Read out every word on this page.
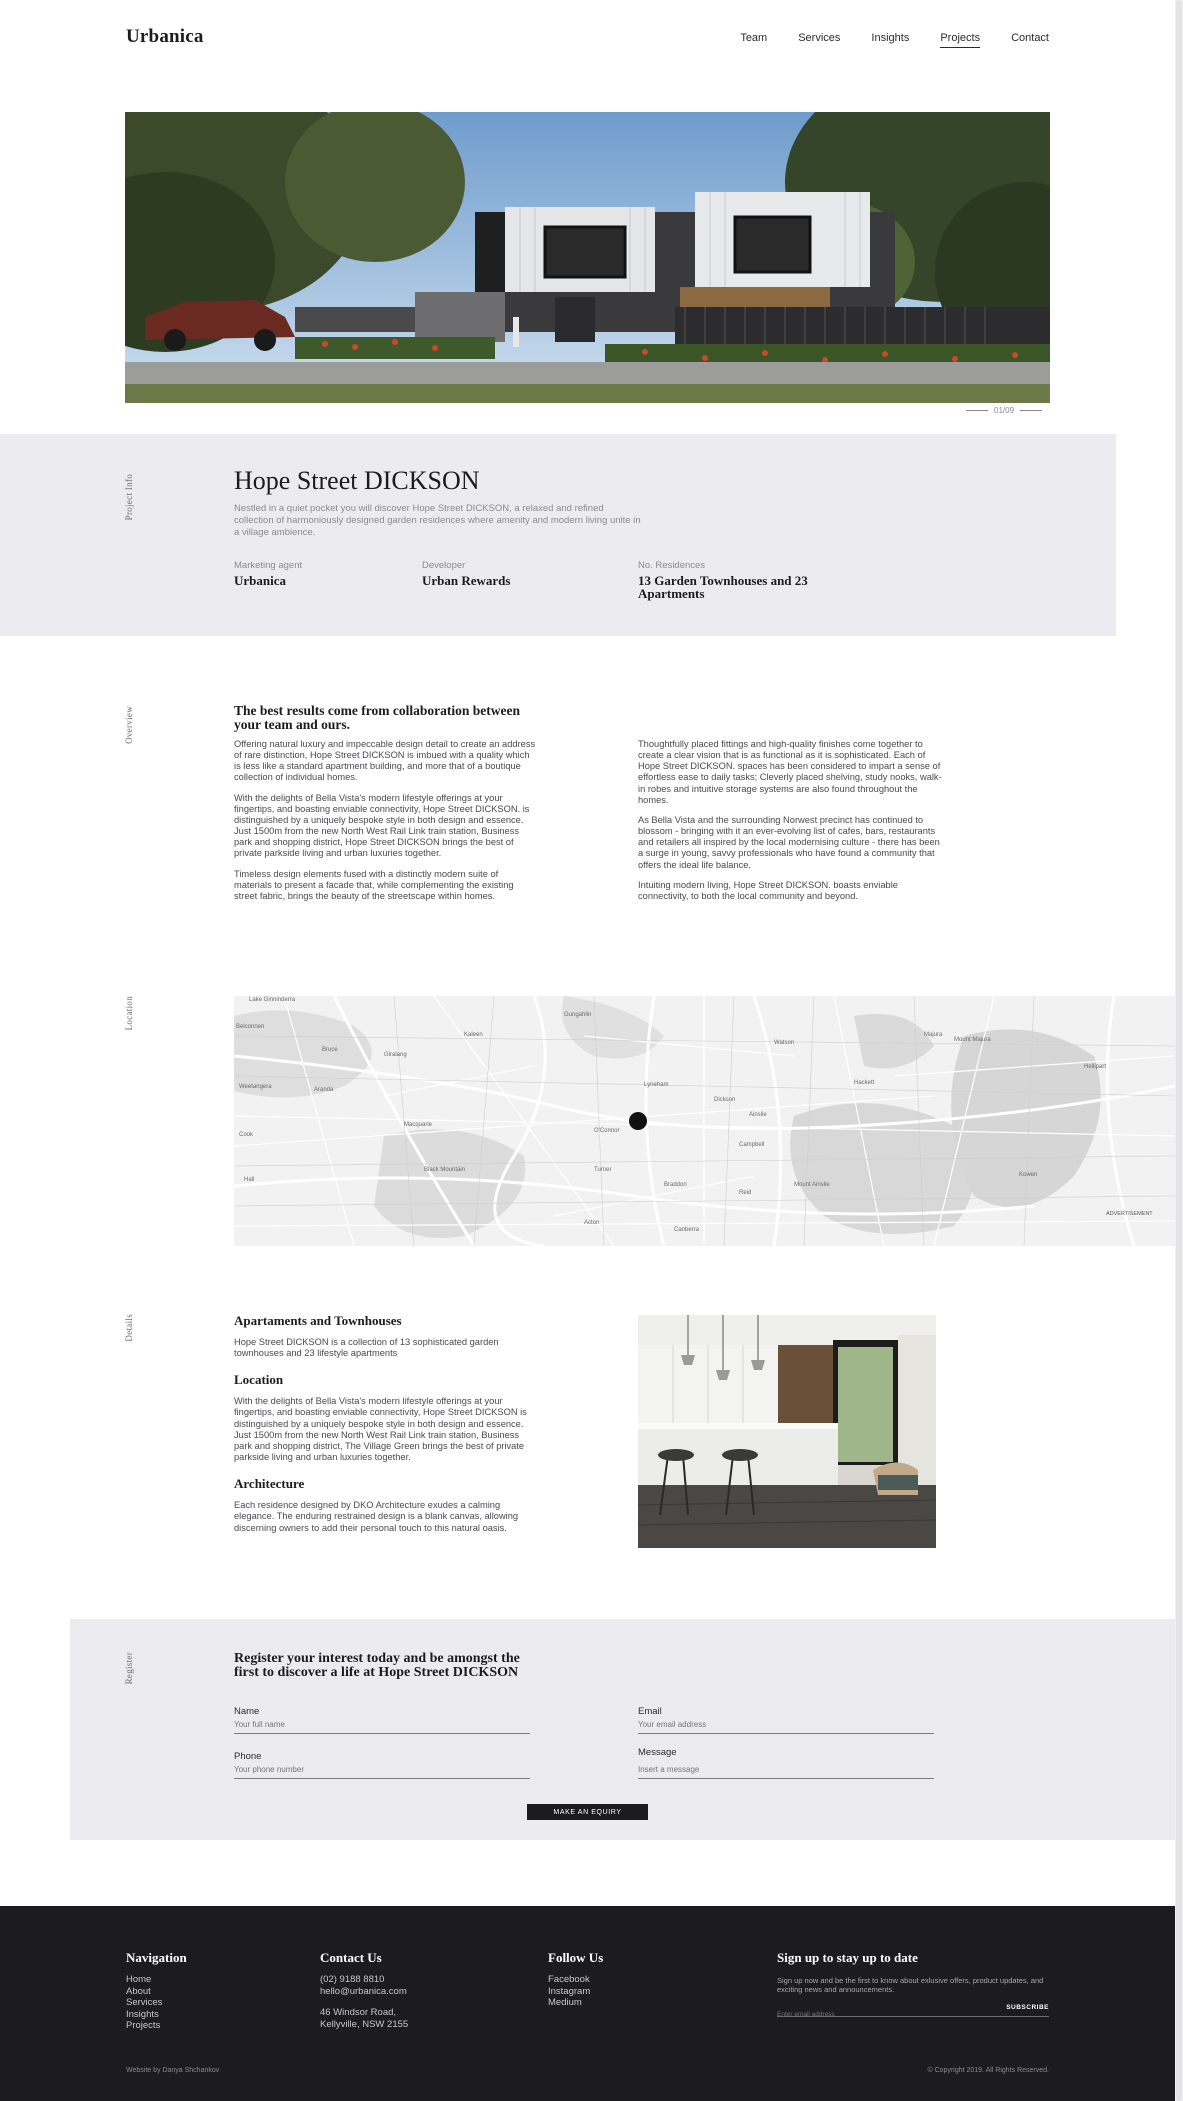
Urbanica	Team	Services	Insights	Projects	Contact
01/09
Project Info	Hope Street DICKSON

Nestled in a quiet pocket you will discover Hope Street DICKSON, a relaxed and refined collection of harmoniously designed garden residences where amenity and modern living unite in a village ambience.

Marketing agent
Urbanica
Developer
Urban Rewards
No. Residences
13 Garden Townhouses and 23 Apartments
Overview	The best results come from collaboration between your team and ours.

Offering natural luxury and impeccable design detail to create an address of rare distinction, Hope Street DICKSON is imbued with a quality which is less like a standard apartment building, and more that of a boutique collection of individual homes.

With the delights of Bella Vista's modern lifestyle offerings at your fingertips, and boasting enviable connectivity, Hope Street DICKSON. is distinguished by a uniquely bespoke style in both design and essence. Just 1500m from the new North West Rail Link train station, Business park and shopping district, Hope Street DICKSON brings the best of private parkside living and urban luxuries together.

Timeless design elements fused with a distinctly modern suite of materials to present a facade that, while complementing the existing street fabric, brings the beauty of the streetscape within homes.

Thoughtfully placed fittings and high-quality finishes come together to create a clear vision that is as functional as it is sophisticated. Each of Hope Street DICKSON. spaces has been considered to impart a sense of effortless ease to daily tasks; Cleverly placed shelving, study nooks, walk-in robes and intuitive storage systems are also found throughout the homes.

As Bella Vista and the surrounding Norwest precinct has continued to blossom - bringing with it an ever-evolving list of cafes, bars, restaurants and retailers all inspired by the local modernising culture - there has been a surge in young, savvy professionals who have found a community that offers the ideal life balance.

Intuiting modern living, Hope Street DICKSON. boasts enviable connectivity, to both the local community and beyond.

Location	Lake Ginninderra
Belconnen
Bruce
Kaleen
Giralang
Gungahlin
Lyneham
Watson
Dickson
Hackett
Majura
Campbell
Hall
Turner
Braddon
Canberra
Reid
Acton
O'Connor
Ainslie
Aranda
Cook
Macquarie
Weetangera
Mount Ainslie
Mount Majura
Black Mountain
Hellipart
Kowen
ADVERTISEMENT
Details	Apartaments and Townhouses
Hope Street DICKSON is a collection of 13 sophisticated garden townhouses and 23 lifestyle apartments
Location
With the delights of Bella Vista's modern lifestyle offerings at your fingertips, and boasting enviable connectivity, Hope Street DICKSON is distinguished by a uniquely bespoke style in both design and essence. Just 1500m from the new North West Rail Link train station, Business park and shopping district, The Village Green brings the best of private parkside living and urban luxuries together.
Architecture
Each residence designed by DKO Architecture exudes a calming elegance. The enduring restrained design is a blank canvas, allowing discerning owners to add their personal touch to this natural oasis.
Register	Register your interest today and be amongst the first to discover a life at Hope Street DICKSON
Name
Your full name	Email
Your email address
Phone
Your phone number	Message
Insert a message
MAKE AN EQUIRY
Navigation
Home
About
Services
Insights
Projects
Contact Us
(02) 9188 8810
hello@urbanica.com
46 Windsor Road,
Kellyville, NSW 2155
Follow Us
Facebook
Instagram
Medium
Sign up to stay up to date
Sign up now and be the first to know about exlusive offers, product updates, and exciting news and announcements.
Enter email address
SUBSCRIBE
Website by Danya Shchankov	© Copyright 2019. All Rights Reserved.
